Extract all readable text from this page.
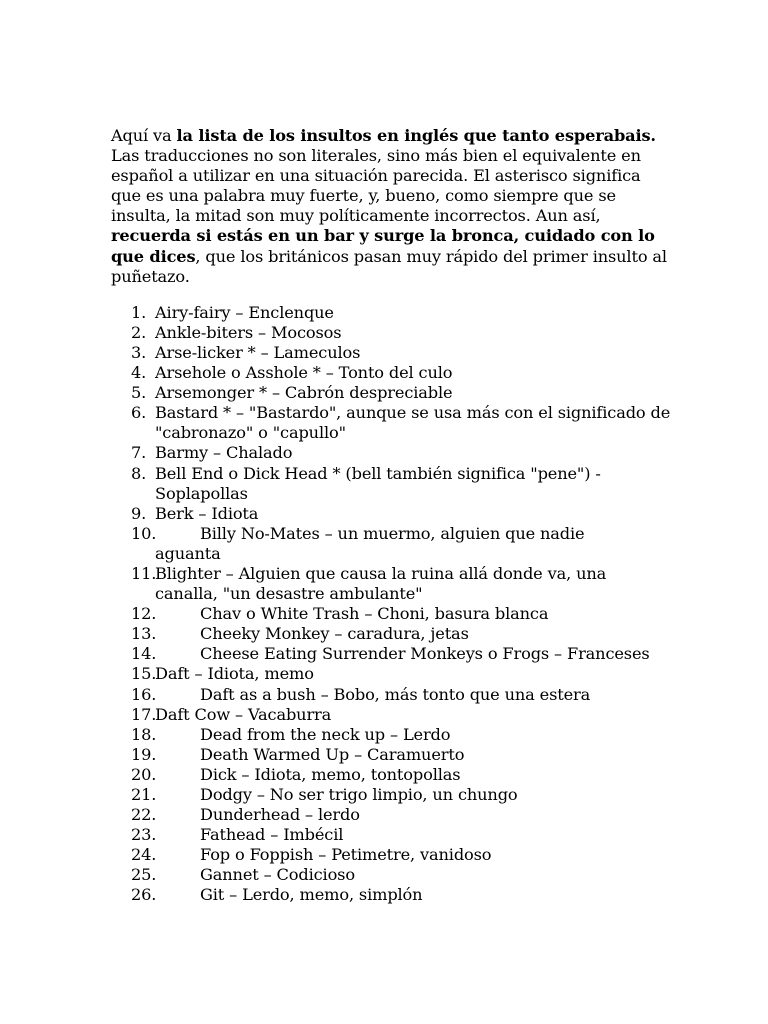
Aquí va la lista de los insultos en inglés que tanto esperabais. Las traducciones no son literales, sino más bien el equivalente en español a utilizar en una situación parecida. El asterisco significa que es una palabra muy fuerte, y, bueno, como siempre que se insulta, la mitad son muy políticamente incorrectos. Aun así, recuerda si estás en un bar y surge la bronca, cuidado con lo que dices, que los británicos pasan muy rápido del primer insulto al puñetazo.

1. Airy-fairy – Enclenque
2. Ankle-biters – Mocosos
3. Arse-licker * – Lameculos
4. Arsehole o Asshole * – Tonto del culo
5. Arsemonger * – Cabrón despreciable
6. Bastard * – "Bastardo", aunque se usa más con el significado de "cabronazo" o "capullo"
7. Barmy – Chalado
8. Bell End o Dick Head * (bell también significa "pene") - Soplapollas
9. Berk – Idiota
10.	Billy No-Mates – un muermo, alguien que nadie
aguanta
11.
Blighter – Alguien que causa la ruina allá donde va, una canalla, "un desastre ambulante"
12.	Chav o White Trash – Choni, basura blanca
13.	Cheeky Monkey – caradura, jetas
14.	Cheese Eating Surrender Monkeys o Frogs – Franceses
15.
Daft – Idiota, memo
16.	Daft as a bush – Bobo, más tonto que una estera
17.
Daft Cow – Vacaburra
18.	Dead from the neck up – Lerdo
19.	Death Warmed Up – Caramuerto
20.	Dick – Idiota, memo, tontopollas
21.	Dodgy – No ser trigo limpio, un chungo
22.	Dunderhead – lerdo
23.	Fathead – Imbécil
24.	Fop o Foppish – Petimetre, vanidoso
25.	Gannet – Codicioso
26.	Git – Lerdo, memo, simplón
